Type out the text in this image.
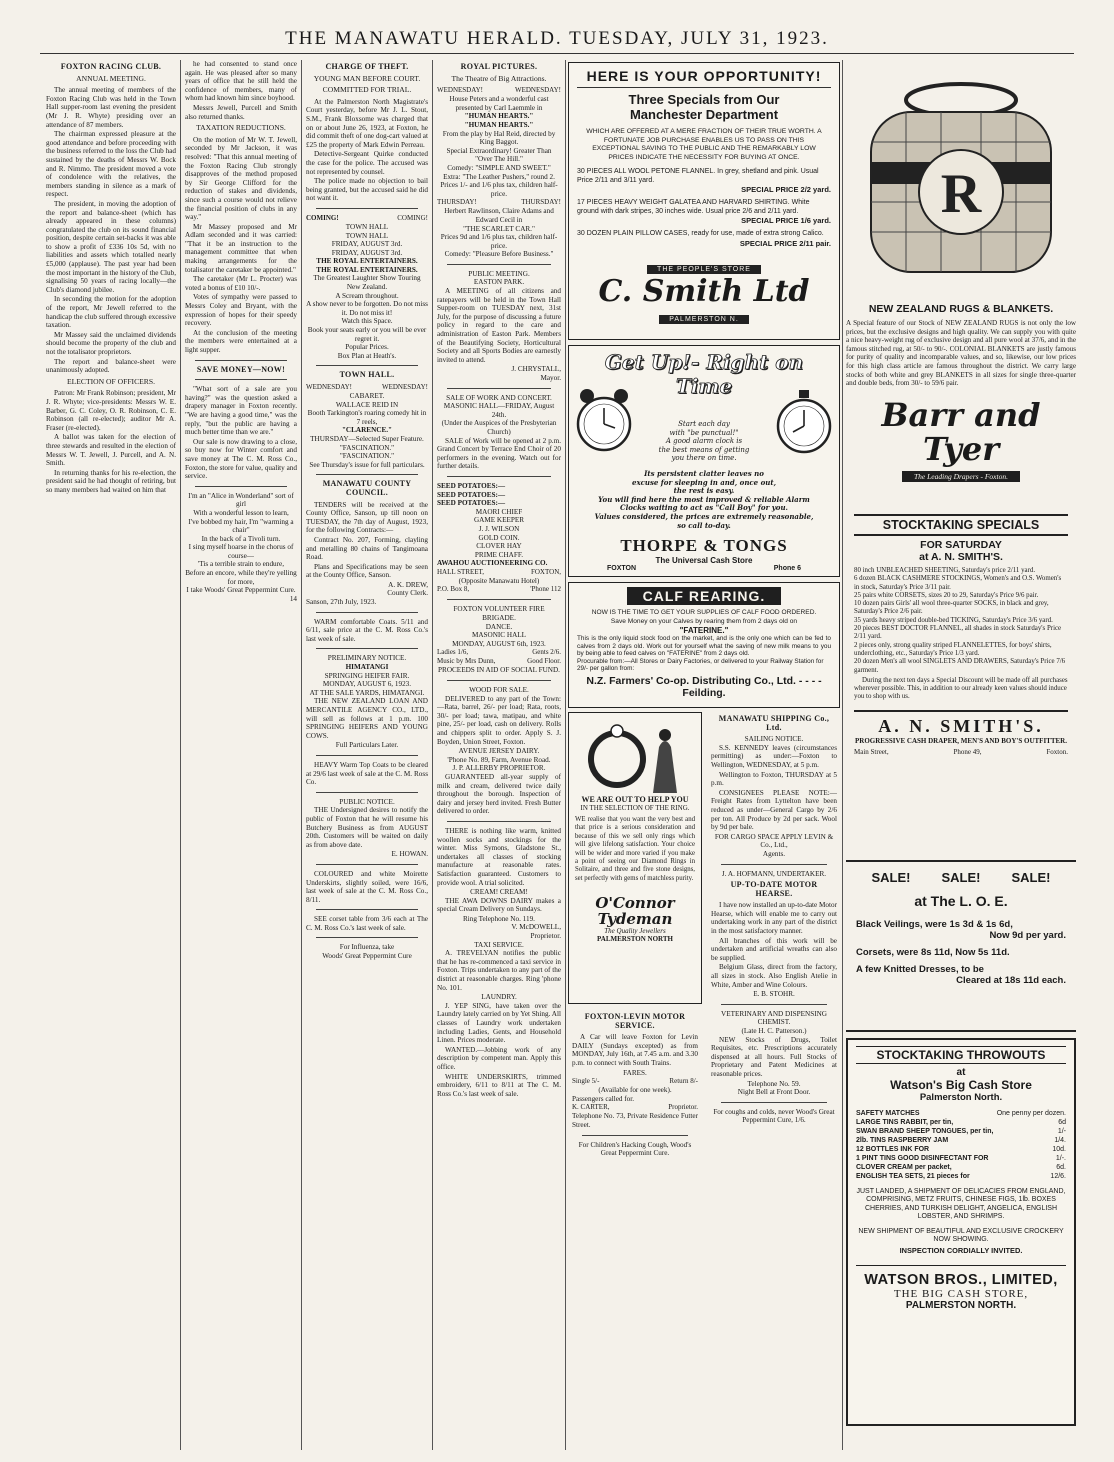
THE MANAWATU HERALD. TUESDAY, JULY 31, 1923.
FOXTON RACING CLUB.
ANNUAL MEETING.

The annual meeting of members of the Foxton Racing Club was held in the Town Hall supper-room last evening the president (Mr J. R. Whyte) presiding over an attendance of 87 members.

The chairman expressed pleasure at the good attendance and before proceeding with the business referred to the loss the Club had sustained by the deaths of Messrs W. Bock and R. Nimmo. The president moved a vote of condolence with the relatives, the members standing in silence as a mark of respect.

The president, in moving the adoption of the report and balance-sheet (which has already appeared in these columns) congratulated the club on its sound financial position, despite certain set-backs it was able to show a profit of £336 10s 5d, with no liabilities and assets which totalled nearly £5,000 (applause). The past year had been the most important in the history of the Club, signalising 50 years of racing locally—the Club's diamond jubilee.

In seconding the motion for the adoption of the report, Mr Jewell referred to the handicap the club suffered through excessive taxation.

Mr Massey said the unclaimed dividends should become the property of the club and not the totalisator proprietors.

The report and balance-sheet were unanimously adopted.

ELECTION OF OFFICERS.

Patron: Mr Frank Robinson; president, Mr J. R. Whyte; vice-presidents: Messrs W. E. Barber, G. C. Coley, O. R. Robinson, C. E. Robinson (all re-elected); auditor Mr A. Fraser (re-elected).

A ballot was taken for the election of three stewards and resulted in the election of Messrs W. T. Jewell, J. Purcell, and A. N. Smith.

In returning thanks for his re-election, the president said he had thought of retiring, but so many members had waited on him that

he had consented to stand once again. He was pleased after so many years of office that he still held the confidence of members, many of whom had known him since boyhood.

Messrs Jewell, Purcell and Smith also returned thanks.

TAXATION REDUCTIONS.

On the motion of Mr W. T. Jewell, seconded by Mr Jackson, it was resolved: "That this annual meeting of the Foxton Racing Club strongly disapproves of the method proposed by Sir George Clifford for the reduction of stakes and dividends, since such a course would not relieve the financial position of clubs in any way."

Mr Massey proposed and Mr Adlam seconded and it was carried: "That it be an instruction to the management committee that when making arrangements for the totalisator the caretaker be appointed."

The caretaker (Mr L. Procter) was voted a bonus of £10 10/-.

Votes of sympathy were passed to Messrs Coley and Bryant, with the expression of hopes for their speedy recovery.

At the conclusion of the meeting the members were entertained at a light supper.

SAVE MONEY—NOW!

"What sort of a sale are you having?" was the question asked a drapery manager in Foxton recently. "We are having a good time," was the reply, "but the public are having a much better time than we are."

Our sale is now drawing to a close, so buy now for Winter comfort and save money at The C. M. Ross Co., Foxton, the store for value, quality and service.

I'm an "Alice in Wonderland" sort of girl
With a wonderful lesson to learn,
I've bobbed my hair, I'm "warming a chair"
In the back of a Tivoli turn.
I sing myself hoarse in the chorus of course—
'Tis a terrible strain to endure,
Before an encore, while they're yelling for more,
I take Woods' Great Peppermint Cure.
14
CHARGE OF THEFT.
YOUNG MAN BEFORE COURT.
COMMITTED FOR TRIAL.

At the Palmerston North Magistrate's Court yesterday, before Mr J. L. Stout, S.M., Frank Bloxsome was charged that on or about June 26, 1923, at Foxton, he did commit theft of one dog-cart valued at £25 the property of Mark Edwin Perreau.

Detective-Sergeant Quirke conducted the case for the police. The accused was not represented by counsel.

The police made no objection to bail being granted, but the accused said he did not want it.

COMING!	COMING!
TOWN HALL
TOWN HALL
FRIDAY, AUGUST 3rd.
FRIDAY, AUGUST 3rd.
THE ROYAL ENTERTAINERS.
THE ROYAL ENTERTAINERS.
The Greatest Laughter Show Touring New Zealand.
A Scream throughout.
A show never to be forgotten. Do not miss it. Do not miss it!
Watch this Space.
Book your seats early or you will be ever regret it.
Popular Prices.
Box Plan at Heath's.
TOWN HALL.
WEDNESDAY!	WEDNESDAY!
CABARET.
WALLACE REID IN
Booth Tarkington's roaring comedy hit in 7 reels,
"CLARENCE."
THURSDAY—Selected Super Feature.
"FASCINATION."
"FASCINATION."
See Thursday's issue for full particulars.
MANAWATU COUNTY COUNCIL.

TENDERS will be received at the County Office, Sanson, up till noon on TUESDAY, the 7th day of August, 1923, for the following Contracts:—

Contract No. 207, Forming, clayling and metalling 80 chains of Tangimoana Road.

Plans and Specifications may be seen at the County Office, Sanson.

A. K. DREW,
County Clerk.
Sanson, 27th July, 1923.

WARM comfortable Coats. 5/11 and 6/11, sale price at the C. M. Ross Co.'s last week of sale.

PRELIMINARY NOTICE.
HIMATANGI
SPRINGING HEIFER FAIR.
MONDAY, AUGUST 6, 1923.
AT THE SALE YARDS, HIMATANGI.

THE NEW ZEALAND LOAN AND MERCANTILE AGENCY CO., LTD., will sell as follows at 1 p.m. 100 SPRINGING HEIFERS AND YOUNG COWS.

Full Particulars Later.

HEAVY Warm Top Coats to be cleared at 29/6 last week of sale at the C. M. Ross Co.

PUBLIC NOTICE.

THE Undersigned desires to notify the public of Foxton that he will resume his Butchery Business as from AUGUST 20th. Customers will be waited on daily as from above date.

E. HOWAN.

COLOURED and white Moirette Underskirts, slightly soiled, were 16/6, last week of sale at the C. M. Ross Co., 8/11.

SEE corset table from 3/6 each at The C. M. Ross Co.'s last week of sale.

For Influenza, take
Woods' Great Peppermint Cure
ROYAL PICTURES.
The Theatre of Big Attractions.
WEDNESDAY!	WEDNESDAY!
House Peters and a wonderful cast presented by Carl Laemmle in
"HUMAN HEARTS."
"HUMAN HEARTS."
From the play by Hal Reid, directed by King Baggot.
Special Extraordinary! Greater Than "Over The Hill."
Comedy: "SIMPLE AND SWEET."
Extra: "The Leather Pushers," round 2.
Prices 1/- and 1/6 plus tax, children half-price.
THURSDAY!	THURSDAY!
Herbert Rawlinson, Claire Adams and Edward Cecil in
"THE SCARLET CAR."
Prices 9d and 1/6 plus tax, children half-price.
Comedy: "Pleasure Before Business."
PUBLIC MEETING.
EASTON PARK.

A MEETING of all citizens and ratepayers will be held in the Town Hall Supper-room on TUESDAY next, 31st July, for the purpose of discussing a future policy in regard to the care and administration of Easton Park. Members of the Beautifying Society, Horticultural Society and all Sports Bodies are earnestly invited to attend.

J. CHRYSTALL,
Mayor.
SALE OF WORK AND CONCERT.
MASONIC HALL—FRIDAY, August 24th.
(Under the Auspices of the Presbyterian Church)

SALE of Work will be opened at 2 p.m. Grand Concert by Terrace End Choir of 20 performers in the evening. Watch out for further details.

SEED POTATOES:—
SEED POTATOES:—
SEED POTATOES:—
MAORI CHIEF
GAME KEEPER
J. J. WILSON
GOLD COIN.
CLOVER HAY
PRIME CHAFF.
AWAHOU AUCTIONEERING CO.
HALL STREET,	FOXTON,
(Opposite Manawatu Hotel)
P.O. Box 8,	'Phone 112
FOXTON VOLUNTEER FIRE BRIGADE.
DANCE.
MASONIC HALL
MONDAY, AUGUST 6th, 1923.
Ladies 1/6,	Gents 2/6.
Music by Mrs Dunn,	Good Floor.
PROCEEDS IN AID OF SOCIAL FUND.
WOOD FOR SALE.

DELIVERED to any part of the Town:—Rata, barrel, 26/- per load; Rata, roots, 30/- per load; tawa, matipau, and white pine, 25/- per load, cash on delivery. Rolls and chippers split to order. Apply S. J. Boyden, Union Street, Foxton.

AVENUE JERSEY DAIRY.
'Phone No. 89, Farm, Avenue Road.
J. P. ALLERBY PROPRIETOR.

GUARANTEED all-year supply of milk and cream, delivered twice daily throughout the borough. Inspection of dairy and jersey herd invited. Fresh Butter delivered to order.

THERE is nothing like warm, knitted woollen socks and stockings for the winter. Miss Symons, Gladstone St., undertakes all classes of stocking manufacture at reasonable rates. Satisfaction guaranteed. Customers to provide wool. A trial solicited.

CREAM! CREAM!

THE AWA DOWNS DAIRY makes a special Cream Delivery on Sundays.

Ring Telephone No. 119.
V. McDOWELL,
Proprietor.
TAXI SERVICE.

A. TREVELYAN notifies the public that he has re-commenced a taxi service in Foxton. Trips undertaken to any part of the district at reasonable charges. Ring 'phone No. 101.

LAUNDRY.

J. YEP SING, have taken over the Laundry lately carried on by Yet Shing. All classes of Laundry work undertaken including Ladies, Gents, and Household Linen. Prices moderate.

WANTED.—Jobbing work of any description by competent man. Apply this office.

WHITE UNDERSKIRTS, trimmed embroidery, 6/11 to 8/11 at The C. M. Ross Co.'s last week of sale.

HERE IS YOUR OPPORTUNITY!
Three Specials from Our
Manchester Department
WHICH ARE OFFERED AT A MERE FRACTION OF THEIR TRUE WORTH. A FORTUNATE JOB PURCHASE ENABLES US TO PASS ON THIS EXCEPTIONAL SAVING TO THE PUBLIC AND THE REMARKABLY LOW PRICES INDICATE THE NECESSITY FOR BUYING AT ONCE.
30 PIECES ALL WOOL PETONE FLANNEL. In grey, shetland and pink. Usual Price 2/11 and 3/11 yard.
SPECIAL PRICE 2/2 yard.
17 PIECES HEAVY WEIGHT GALATEA AND HARVARD SHIRTING. White ground with dark stripes, 30 inches wide. Usual price 2/6 and 2/11 yard.
SPECIAL PRICE 1/6 yard.
30 DOZEN PLAIN PILLOW CASES, ready for use, made of extra strong Calico.
SPECIAL PRICE 2/11 pair.
THE PEOPLE'S STORE
C. Smith Ltd
PALMERSTON N.
Get Up!- Right on Time
Start each day
with "be punctual!"
A good alarm clock is
the best means of getting
you there on time.
Its persistent clatter leaves no
excuse for sleeping in and, once out,
the rest is easy.
You will find here the most improved & reliable Alarm
Clocks waiting to act as "Call Boy" for you.
Values considered, the prices are extremely reasonable,
so call to-day.
THORPE & TONGS
The Universal Cash Store
FOXTON	Phone 6
CALF REARING.
NOW IS THE TIME TO GET YOUR SUPPLIES OF CALF FOOD ORDERED.
Save Money on your Calves by rearing them from 2 days old on
"FATERINE."
This is the only liquid stock food on the market, and is the only one which can be fed to calves from 2 days old. Work out for yourself what the saving of new milk means to you by being able to feed calves on "FATERINE" from 2 days old.
Procurable from:—All Stores or Dairy Factories, or delivered to your Railway Station for 29/- per gallon from:
N.Z. Farmers' Co-op. Distributing Co., Ltd. - - - - Feilding.
WE ARE OUT TO HELP YOU
IN THE SELECTION OF THE RING.
WE realise that you want the very best and that price is a serious consideration and because of this we sell only rings which will give lifelong satisfaction. Your choice will be wider and more varied if you make a point of seeing our Diamond Rings in Solitaire, and three and five stone designs, set perfectly with gems of matchless purity.
O'Connor Tydeman
The Quality Jewellers
PALMERSTON NORTH
FOXTON-LEVIN MOTOR SERVICE.

A Car will leave Foxton for Levin DAILY (Sundays excepted) as from MONDAY, July 16th, at 7.45 a.m. and 3.30 p.m. to connect with South Trains.

FARES.
Single 5/-	Return 8/-
(Available for one week).
Passengers called for.
K. CARTER,	Proprietor.
Telephone No. 73, Private Residence Futter Street.
For Children's Hacking Cough, Wood's Great Peppermint Cure.
MANAWATU SHIPPING Co., Ltd.
SAILING NOTICE.

S.S. KENNEDY leaves (circumstances permitting) as under:—Foxton to Wellington, WEDNESDAY, at 5 p.m.

Wellington to Foxton, THURSDAY at 5 p.m.

CONSIGNEES PLEASE NOTE:—Freight Rates from Lyttelton have been reduced as under—General Cargo by 2/6 per ton. All Produce by 2d per sack. Wool by 9d per bale.

FOR CARGO SPACE APPLY LEVIN & Co., Ltd.,
Agents.
J. A. HOFMANN, UNDERTAKER.
UP-TO-DATE MOTOR HEARSE.

I have now installed an up-to-date Motor Hearse, which will enable me to carry out undertaking work in any part of the district in the most satisfactory manner.

All branches of this work will be undertaken and artificial wreaths can also be supplied.

Belgium Glass, direct from the factory, all sizes in stock. Also English Atelie in White, Amber and Wine Colours.

E. B. STOHR.
VETERINARY AND DISPENSING CHEMIST.
(Late H. C. Patterson.)

NEW Stocks of Drugs, Toilet Requisites, etc. Prescriptions accurately dispensed at all hours. Full Stocks of Proprietary and Patent Medicines at reasonable prices.

Telephone No. 59.
Night Bell at Front Door.
For coughs and colds, never Wood's Great Peppermint Cure, 1/6.
R
NEW ZEALAND RUGS & BLANKETS.
A Special feature of our Stock of NEW ZEALAND RUGS is not only the low prices, but the exclusive designs and high quality. We can supply you with quite a nice heavy-weight rug of exclusive design and all pure wool at 37/6, and in the famous stitched rug, at 50/- to 90/-. COLONIAL BLANKETS are justly famous for purity of quality and incomparable values, and so, likewise, our low prices for this high class article are famous throughout the district. We carry large stocks of both white and grey BLANKETS in all sizes for single three-quarter and double beds, from 30/- to 59/6 pair.
Barr and Tyer
The Leading Drapers - Foxton.
STOCKTAKING SPECIALS
FOR SATURDAY
at A. N. SMITH'S.
80 inch UNBLEACHED SHEETING, Saturday's price 2/11 yard.
6 dozen BLACK CASHMERE STOCKINGS, Women's and O.S. Women's in stock, Saturday's Price 3/11 pair.
25 pairs white CORSETS, sizes 20 to 29, Saturday's Price 9/6 pair.
10 dozen pairs Girls' all wool three-quarter SOCKS, in black and grey, Saturday's Price 2/6 pair.
35 yards heavy striped double-bed TICKING, Saturday's Price 3/6 yard.
20 pieces BEST DOCTOR FLANNEL, all shades in stock Saturday's Price 2/11 yard.
2 pieces only, strong quality striped FLANNELETTES, for boys' shirts, underclothing, etc., Saturday's Price 1/3 yard.
20 dozen Men's all wool SINGLETS AND DRAWERS, Saturday's Price 7/6 garment.
During the next ten days a Special Discount will be made off all purchases wherever possible. This, in addition to our already keen values should induce you to shop with us.
A. N. SMITH'S.
PROGRESSIVE CASH DRAPER, MEN'S AND BOY'S OUTFITTER.
Main Street,	Phone 49,	Foxton.
SALE! SALE! SALE!
at The L. O. E.
Black Veilings, were 1s 3d & 1s 6d,
Now 9d per yard.
Corsets, were 8s 11d, Now 5s 11d.
A few Knitted Dresses, to be
Cleared at 18s 11d each.
STOCKTAKING THROWOUTS
at
Watson's Big Cash Store
Palmerston North.
SAFETY MATCHES	One penny per dozen.
LARGE TINS RABBIT, per tin,	6d
SWAN BRAND SHEEP TONGUES, per tin,	1/-
2lb. TINS RASPBERRY JAM	1/4.
12 BOTTLES INK FOR	10d.
1 PINT TINS GOOD DISINFECTANT FOR	1/-.
CLOVER CREAM per packet,	6d.
ENGLISH TEA SETS, 21 pieces for	12/6.
JUST LANDED, A SHIPMENT OF DELICACIES FROM ENGLAND, COMPRISING, METZ FRUITS, CHINESE FIGS, 1lb. BOXES CHERRIES, AND TURKISH DELIGHT, ANGELICA, ENGLISH LOBSTER, AND SHRIMPS.
NEW SHIPMENT OF BEAUTIFUL AND EXCLUSIVE CROCKERY NOW SHOWING.
INSPECTION CORDIALLY INVITED.
WATSON BROS., LIMITED,
THE BIG CASH STORE,
PALMERSTON NORTH.
